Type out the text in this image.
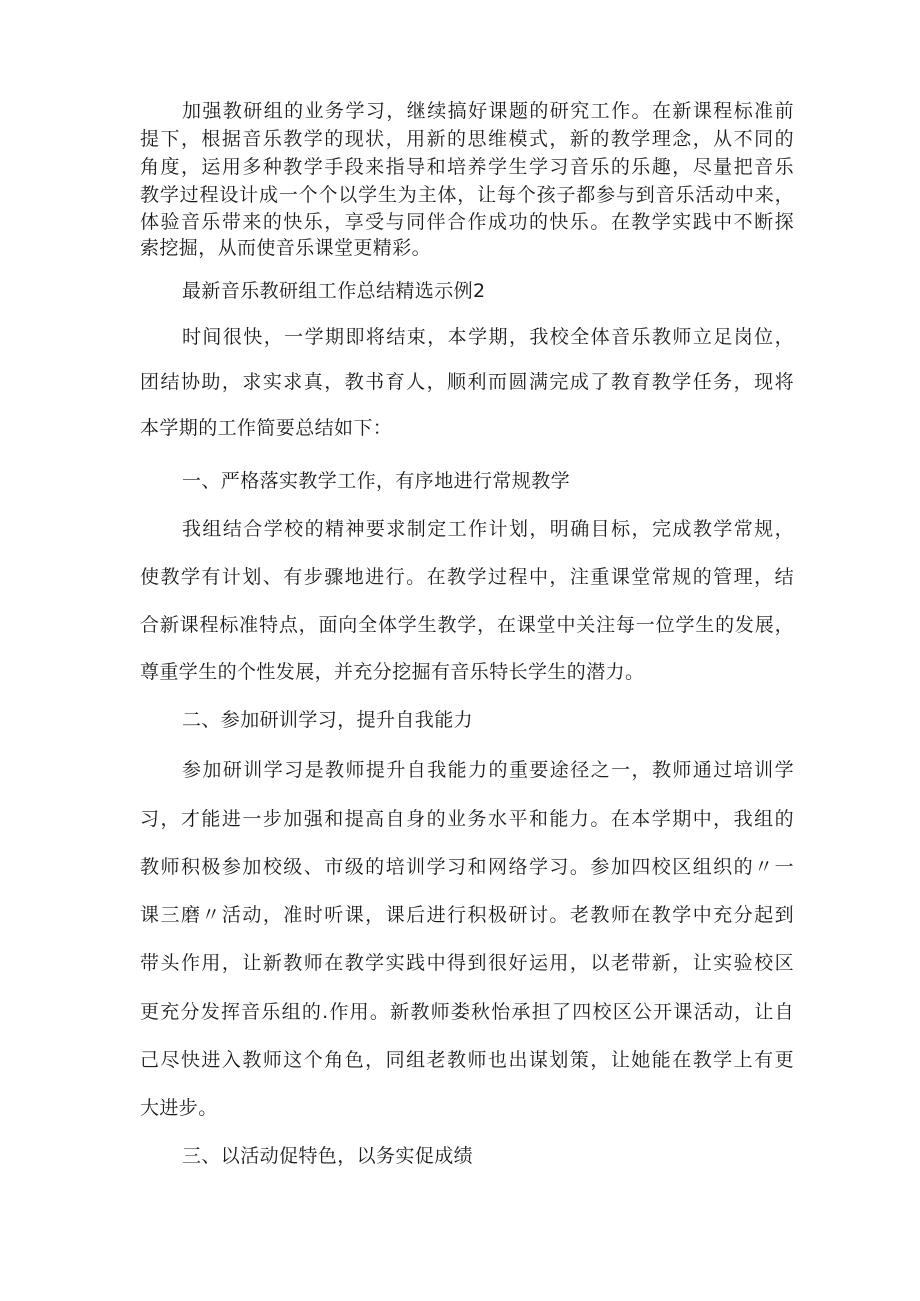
加强教研组的业务学习，继续搞好课题的研究工作。在新课程标准前
提下，根据音乐教学的现状，用新的思维模式，新的教学理念，从不同的
角度，运用多种教学手段来指导和培养学生学习音乐的乐趣，尽量把音乐
教学过程设计成一个个以学生为主体，让每个孩子都参与到音乐活动中来，
体验音乐带来的快乐，享受与同伴合作成功的快乐。在教学实践中不断探
索挖掘，从而使音乐课堂更精彩。
最新音乐教研组工作总结精选示例2
时间很快，一学期即将结束，本学期，我校全体音乐教师立足岗位，
团结协助，求实求真，教书育人，顺利而圆满完成了教育教学任务，现将
本学期的工作简要总结如下：
一、严格落实教学工作，有序地进行常规教学
我组结合学校的精神要求制定工作计划，明确目标，完成教学常规，
使教学有计划、有步骤地进行。在教学过程中，注重课堂常规的管理，结
合新课程标准特点，面向全体学生教学，在课堂中关注每一位学生的发展，
尊重学生的个性发展，并充分挖掘有音乐特长学生的潜力。
二、参加研训学习，提升自我能力
参加研训学习是教师提升自我能力的重要途径之一，教师通过培训学
习，才能进一步加强和提高自身的业务水平和能力。在本学期中，我组的
教师积极参加校级、市级的培训学习和网络学习。参加四校区组织的〃一
课三磨〃活动，准时听课，课后进行积极研讨。老教师在教学中充分起到
带头作用，让新教师在教学实践中得到很好运用，以老带新，让实验校区
更充分发挥音乐组的.作用。新教师娄秋怡承担了四校区公开课活动，让自
己尽快进入教师这个角色，同组老教师也出谋划策，让她能在教学上有更
大进步。
三、以活动促特色，以务实促成绩
